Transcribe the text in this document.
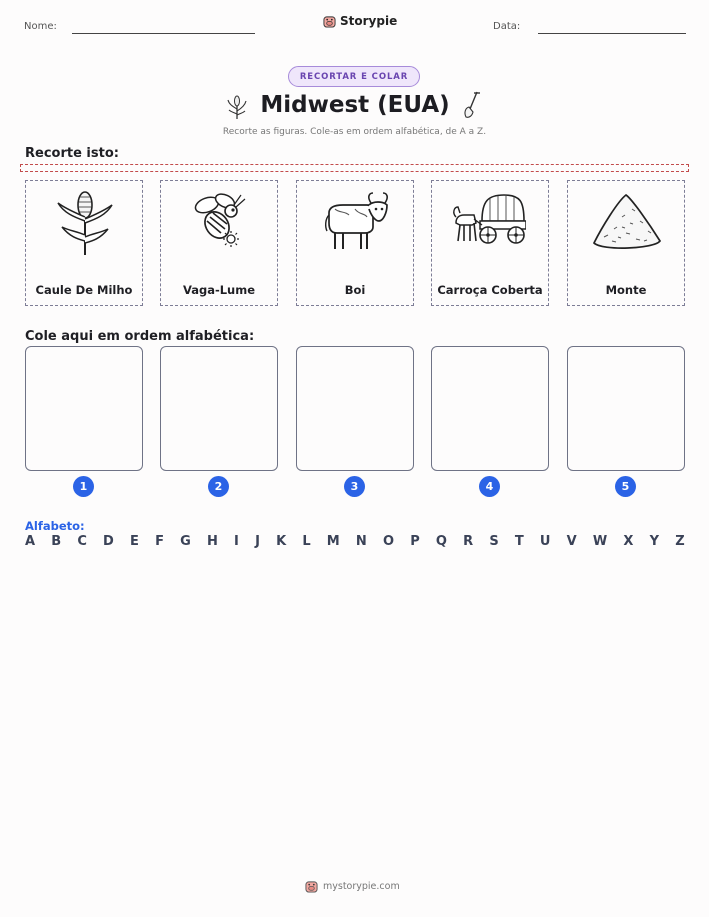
Nome:	Storypie	Data:
RECORTAR E COLAR
Midwest (EUA)
Recorte as figuras. Cole-as em ordem alfabética, de A a Z.
Recorte isto:
Caule De Milho	Vaga-Lume	Boi	Carroça Coberta	Monte
Cole aqui em ordem alfabética:
1	2	3	4	5
Alfabeto:
A B C D E F G H I J K L M N O P Q R S T U V W X Y Z
mystorypie.com
